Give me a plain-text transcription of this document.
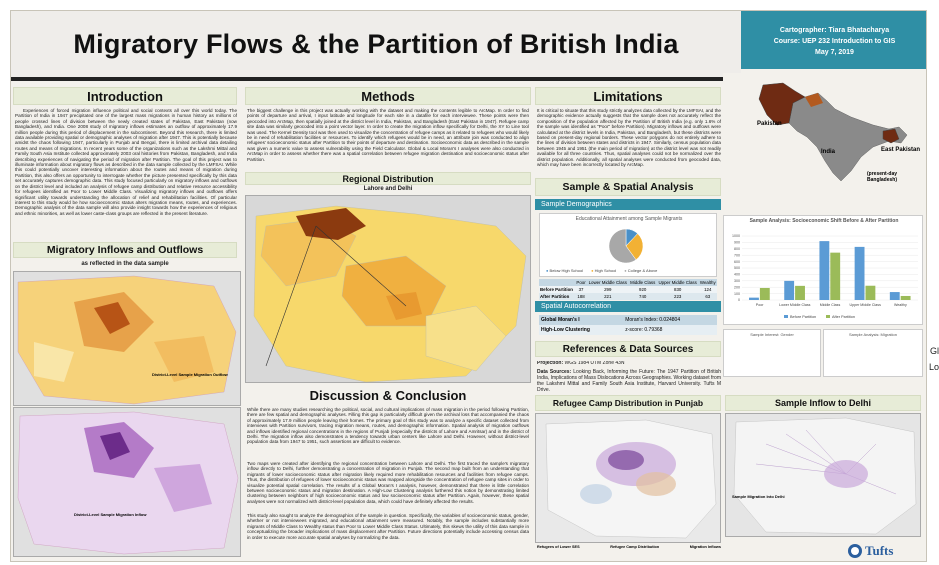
Migratory Flows & the Partition of British India	Cartographer: Tiara Bhatacharya
Course: UEP 232 Introduction to GIS
May 7, 2019
Introduction
Experiences of forced migration influence political and social contexts all over this world today. The Partition of India in 1947 precipitated one of the largest mass migrations in human history as millions of people crossed lines of division between the newly created states of Pakistan, East Pakistan (now Bangladesh), and India. One 2008 study of migratory inflows estimates an outflow of approximately 17.9 million people during this period of displacement in the subcontinent. Beyond this research, there is limited data available providing spatial or demographic analyses of migration after 1947. This is potentially because amidst the chaos following 1947, particularly in Punjab and Bengal, there is limited archival data detailing routes and means of migrations. In recent years some of the organizations such as the Lakshmi Mittal and Family South Asia Institute collected approximately 2003 oral histories from Pakistan, Bangladesh, and India describing experiences of navigating the period of migration after Partition. The goal of this project was to illuminate information about migratory flows as described in the data sample collected by the LMFSAI. While this could potentially uncover interesting information about the routes and means of migration during Partition, this also offers an opportunity to interrogate whether the picture presented specifically by this data set accurately captures demographic data. This study focused particularly on migratory inflows and outflows on the district level and included an analysis of refugee camp distribution and relative resource accessibility for refugees identified as Poor to Lower Middle Class. Visualizing migratory inflows and outflows offers significant utility towards understanding the allocation of relief and rehabilitation facilities. Of particular interest to this study would be how socioeconomic status alters migration means, routes, and experiences. Demographic analysis of the data sample will also provide insight towards how the experiences of religious and ethnic minorities, as well as lower caste-class groups are reflected in the present literature.
Methods
The biggest challenge in this project was actually working with the dataset and making the contents legible to ArcMap. In order to find points of departure and arrival, I input latitude and longitude for each site in a datafile for each interviewee. These points were then geocoded into ArcMap, then spatially joined at the district level in India, Pakistan, and Bangladesh (East Pakistan in 1947). Refugee camp site data was similarly geocoded into a point vector layer. In order to create the migration inflow specifically for Delhi, the XY to Line tool was used. The Kernel Density tool was then used to visualize the concentration of refugee camps as it related to refugees who would likely be in need of rehabilitation facilities or resources. To identify which refugees would be in need, an attribute join was conducted to align refugees' socioeconomic status after Partition to their points of departure and destination. Socioeconomic data as described in the sample was given a numeric value to assess vulnerability using the Field Calculator. Global & Local Moran's I analyses were also conducted in ArcMap in order to assess whether there was a spatial correlation between refugee migration destination and socioeconomic status after Partition.
Limitations
It is critical to situate that this study strictly analyzes data collected by the LMFSAI, and the demographic evidence actually suggests that the sample does not accurately reflect the composition of the population affected by the Partition of British India (e.g. only 1.6% of the sample was identified as "Poor" before Partition). Migratory inflows and outflows were calculated at the district levels in India, Pakistan, and Bangladesh, but these districts were based on present-day regional borders. These vector polygons do not entirely adhere to the lines of division between states and districts in 1947. Similarly, census population data between 1945 and 1951 (the main period of migration) at the district level was not readily available for all three countries. Thus, spatial analyses could not be normalized over the district population. Additionally, all spatial analyses were conducted from geocoded data, which may have been incorrectly located by ArcMap.
Pakistan
India	East Pakistan
(present-day Bangladesh)
Regional Distribution
Lahore and Delhi
Migratory Inflows and Outflows
as reflected in the data sample
District-Level Sample Migration Outflow
District-Level Sample Migration Inflow
Discussion & Conclusion
While there are many studies researching the political, social, and cultural implications of mass migration in the period following Partition, there are few spatial and demographic analyses. Filling this gap is particularly difficult given the archival loss that accompanied the chaos of approximately 17.9 million people leaving their homes. The primary goal of this study was to analyze a specific dataset collected from interviews with Partition survivors, tracing migration means, routes, and demographic information. Spatial analysis of migration outflows and inflows identified regional concentrations in the regions of Punjab (especially the districts of Lahore and Amritsar) and in the district of Delhi. The migration inflow also demonstrates a tendency towards urban centers like Lahore and Delhi. However, without district-level population data from 1947 to 1951, such assertions are difficult to evidence.
Two maps were created after identifying the regional concentration between Lahore and Delhi. The first traced the sample's migratory inflow directly to Delhi, further demonstrating a concentration of migration in Punjab. The second map built from an understanding that migrants of lower socioeconomic status after migration likely required more rehabilitation resources and facilities from refugee camps. Thus, the distribution of refugees of lower socioeconomic status was mapped alongside the concentration of refugee camp sites in order to visualize potential spatial correlation. The results of a Global Moran's I analysis, however, demonstrated that there is little correlation between socioeconomic status and migration destination. A High-Low Clustering analysis furthered this notion by demonstrating limited clustering between neighbors of high socioeconomic status and low socioeconomic status after Partition. Again, however, these spatial analyses were not normalized with district-level population data, which could have definitely affected the results.
This study also sought to analyze the demographics of the sample in question. Specifically, the variables of socioeconomic status, gender, whether or not interviewees migrated, and educational attainment were measured. Notably, the sample includes substantially more migrants of Middle Class to Wealthy status than Poor to Lower Middle Class Status. Ultimately, this skews the utility of this data sample in conceptualizing the broader implications of mass displacement after Partition. Future directions potentially include accessing census data in order to execute more accurate spatial analyses by normalizing the data.
Sample & Spatial Analysis
Sample Demographics
Educational Attainment among Sample Migrants
● Below High School ● High School ● College & Above
	Poor	Lower Middle Class	Middle Class	Upper Middle Class	Wealthy
Before Partition	37	299	920	830	124
After Partition	188	221	740	223	63
Spatial Autocorrelation
Global Moran's I	Moran's Index: 0.024804
High-Low Clustering	z-score: 0.79368
Sample Analysis: Socioeconomic Shift Before & After Partition
0
100
200
300
400
500
600
700
800
900
1000
Poor	Lower Middle Class	Middle Class	Upper Middle Class	Wealthy
Before Partition	After Partition
Sample Interest: Gender	Sample Analysis: Migration
References & Data Sources
Projection: WGS 1984 UTM Zone 43N
Data Sources: Looking Back, Informing the Future: The 1947 Partition of British India, Implications of Mass Dislocations Across Geographies. Working dataset from the Lakshmi Mittal and Family South Asia Institute, Harvard University. Tufts M Drive.
Refugee Camp Distribution in Punjab
Refugees of Lower SES	Refugee Camp Distribution	Migration Inflows
Sample Inflow to Delhi
Sample Migration Into Delhi
Tufts
Gl
Lo
